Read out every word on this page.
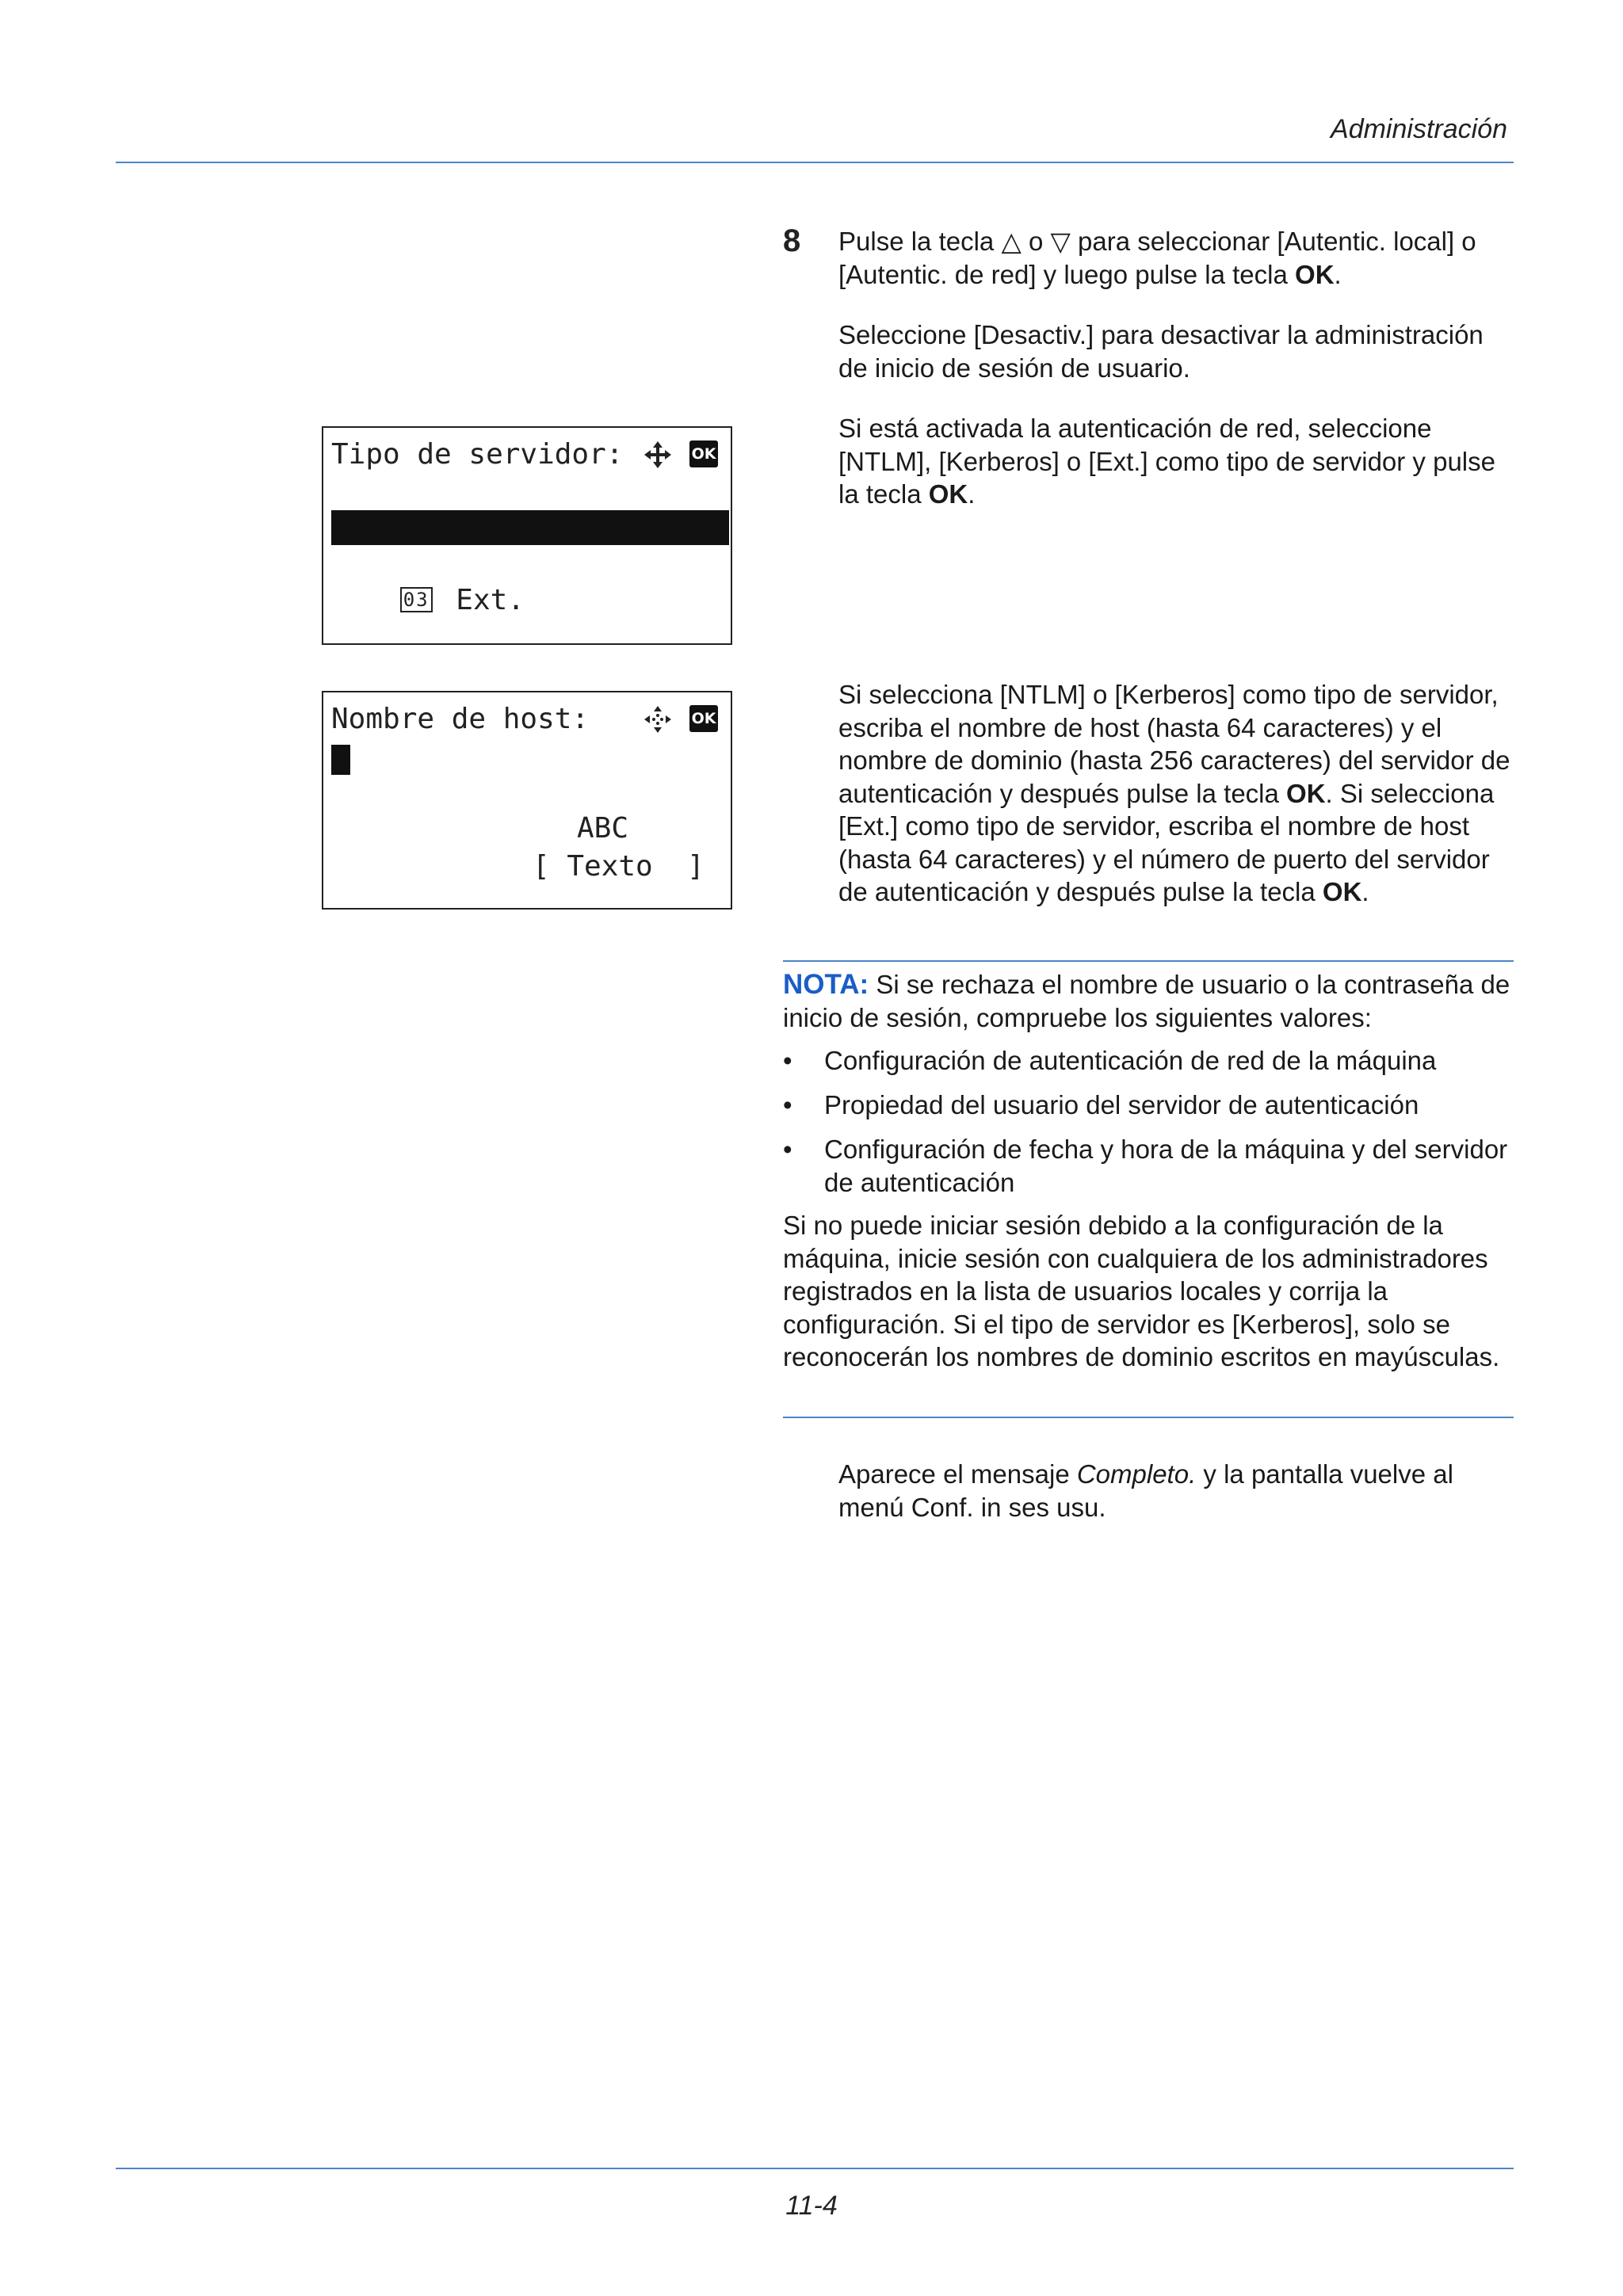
Administración
Tipo de servidor:	OK

02 *Kerberos

03 Ext.

Nombre de host:	OK
ABC
[ Texto  ]
8 Pulse la tecla △ o ▽ para seleccionar [Autentic. local] o [Autentic. de red] y luego pulse la tecla OK.
Seleccione [Desactiv.] para desactivar la administración de inicio de sesión de usuario.
Si está activada la autenticación de red, seleccione [NTLM], [Kerberos] o [Ext.] como tipo de servidor y pulse la tecla OK.
Si selecciona [NTLM] o [Kerberos] como tipo de servidor, escriba el nombre de host (hasta 64 caracteres) y el nombre de dominio (hasta 256 caracteres) del servidor de autenticación y después pulse la tecla OK. Si selecciona [Ext.] como tipo de servidor, escriba el nombre de host (hasta 64 caracteres) y el número de puerto del servidor de autenticación y después pulse la tecla OK.
NOTA: Si se rechaza el nombre de usuario o la contraseña de inicio de sesión, compruebe los siguientes valores:
• Configuración de autenticación de red de la máquina
• Propiedad del usuario del servidor de autenticación
• Configuración de fecha y hora de la máquina y del servidor de autenticación
Si no puede iniciar sesión debido a la configuración de la máquina, inicie sesión con cualquiera de los administradores registrados en la lista de usuarios locales y corrija la configuración. Si el tipo de servidor es [Kerberos], solo se reconocerán los nombres de dominio escritos en mayúsculas.
Aparece el mensaje Completo. y la pantalla vuelve al menú Conf. in ses usu.
11-4
